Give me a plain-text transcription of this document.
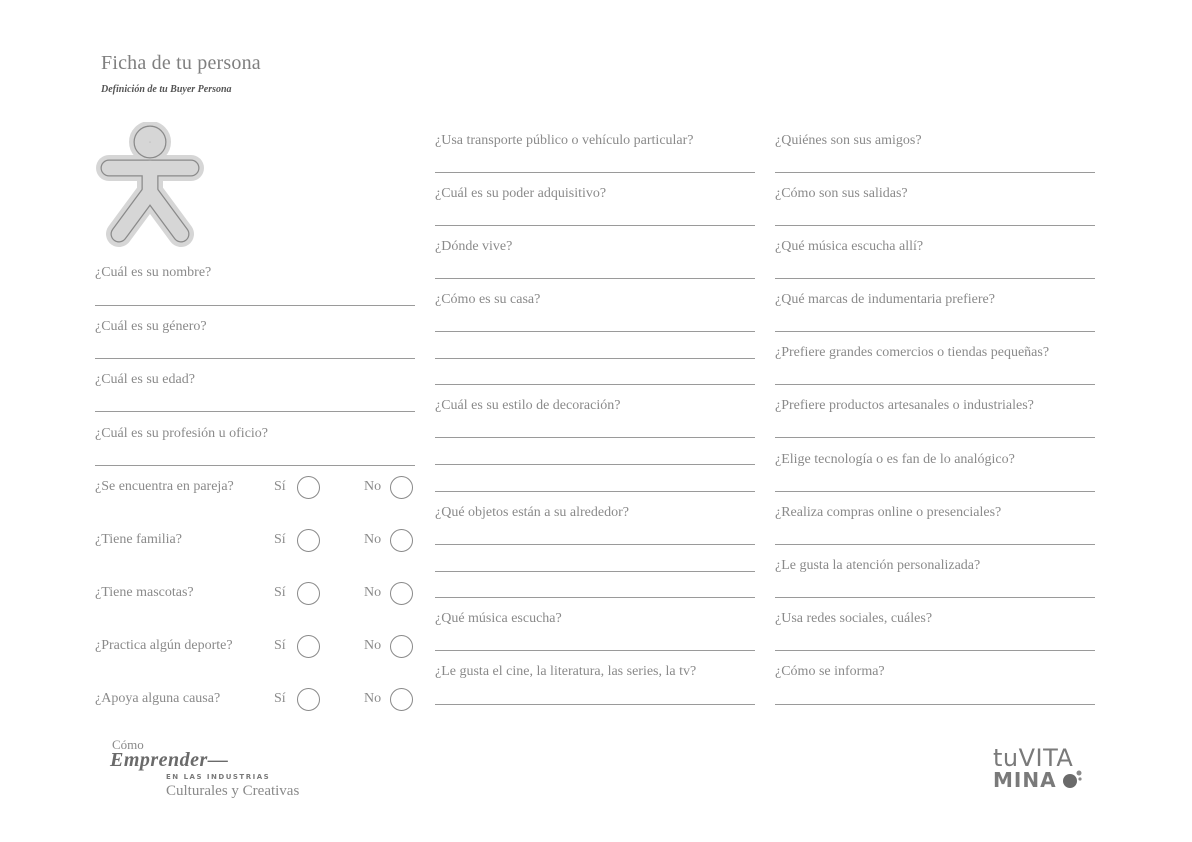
Ficha de tu persona
Definición de tu Buyer Persona
¿Cuál es su nombre?
¿Cuál es su género?
¿Cuál es su edad?
¿Cuál es su profesión u oficio?
¿Se encuentra en pareja?	Sí	No
¿Tiene familia?	Sí	No
¿Tiene mascotas?	Sí	No
¿Practica algún deporte?	Sí	No
¿Apoya alguna causa?	Sí	No
¿Usa transporte público o vehículo particular?
¿Cuál es su poder adquisitivo?
¿Dónde vive?
¿Cómo es su casa?
¿Cuál es su estilo de decoración?
¿Qué objetos están a su alrededor?
¿Qué música escucha?
¿Le gusta el cine, la literatura, las series, la tv?
¿Quiénes son sus amigos?
¿Cómo son sus salidas?
¿Qué música escucha allí?
¿Qué marcas de indumentaria prefiere?
¿Prefiere grandes comercios o tiendas pequeñas?
¿Prefiere productos artesanales o industriales?
¿Elige tecnología o es fan de lo analógico?
¿Realiza compras online o presenciales?
¿Le gusta la atención personalizada?
¿Usa redes sociales, cuáles?
¿Cómo se informa?
Cómo
Emprender—
EN LAS INDUSTRIAS
Culturales y Creativas
tuVITA
MINA
